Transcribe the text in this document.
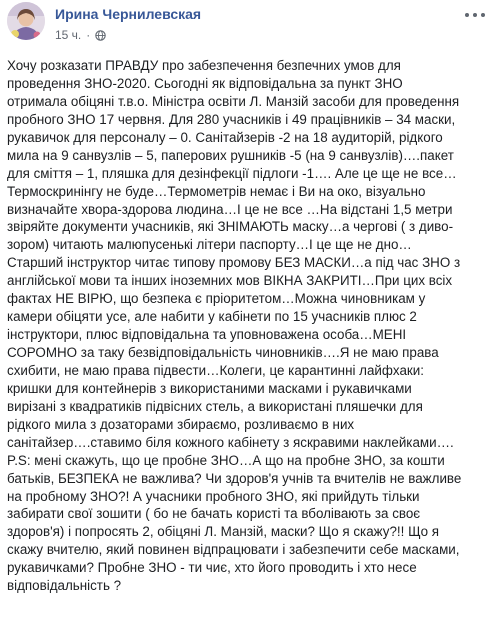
Ирина Чернилевская
15 ч. ·
Хочу розказати ПРАВДУ про забезпечення безпечних умов для
проведення ЗНО-2020. Сьогодні як відповідальна за пункт ЗНО
отримала обіцяні т.в.о. Міністра освіти Л. Манзій засоби для проведення
пробного ЗНО 17 червня. Для 280 учасників і 49 працівників – 34 маски,
рукавичок для персоналу – 0. Санітайзерів -2 на 18 аудиторій, рідкого
мила на 9 санвузлів – 5, паперових рушників -5 (на 9 санвузлів)….пакет
для сміття – 1, пляшка для дезінфекції підлоги -1…. Але це ще не все…
Термоскринінгу не буде…Термометрів немає і Ви на око, візуально
визначайте хвора-здорова людина…І це не все …На відстані 1,5 метри
звіряйте документи учасників, які ЗНІМАЮТЬ маску…а чергові ( з диво-
зором) читають малюпусенькі літери паспорту…І це ще не дно…
Старший інструктор читає типову промову БЕЗ МАСКИ…а під час ЗНО з
англійської мови та інших іноземних мов ВІКНА ЗАКРИТІ…При цих всіх
фактах НЕ ВІРЮ, що безпека є пріоритетом…Можна чиновникам у
камери обіцяти усе, але набити у кабінети по 15 учасників плюс 2
інструктори, плюс відповідальна та уповноважена особа…МЕНІ
СОРОМНО за таку безвідповідальність чиновників….Я не маю права
схибити, не маю права підвести…Колеги, це карантинні лайфхаки:
кришки для контейнерів з використаними масками і рукавичками
вирізані з квадратиків підвісних стель, а використані пляшечки для
рідкого мила з дозаторами збираємо, розливаємо в них
санітайзер….ставимо біля кожного кабінету з яскравими наклейками….
P.S: мені скажуть, що це пробне ЗНО…А що на пробне ЗНО, за кошти
батьків, БЕЗПЕКА не важлива? Чи здоров'я учнів та вчителів не важливе
на пробному ЗНО?! А учасники пробного ЗНО, які прийдуть тільки
забирати свої зошити ( бо не бачать користі та вболівають за своє
здоров'я) і попросять 2, обіцяні Л. Манзій, маски? Що я скажу?!! Що я
скажу вчителю, який повинен відпрацювати і забезпечити себе масками,
рукавичками? Пробне ЗНО - ти чиє, хто його проводить і хто несе
відповідальність ?
